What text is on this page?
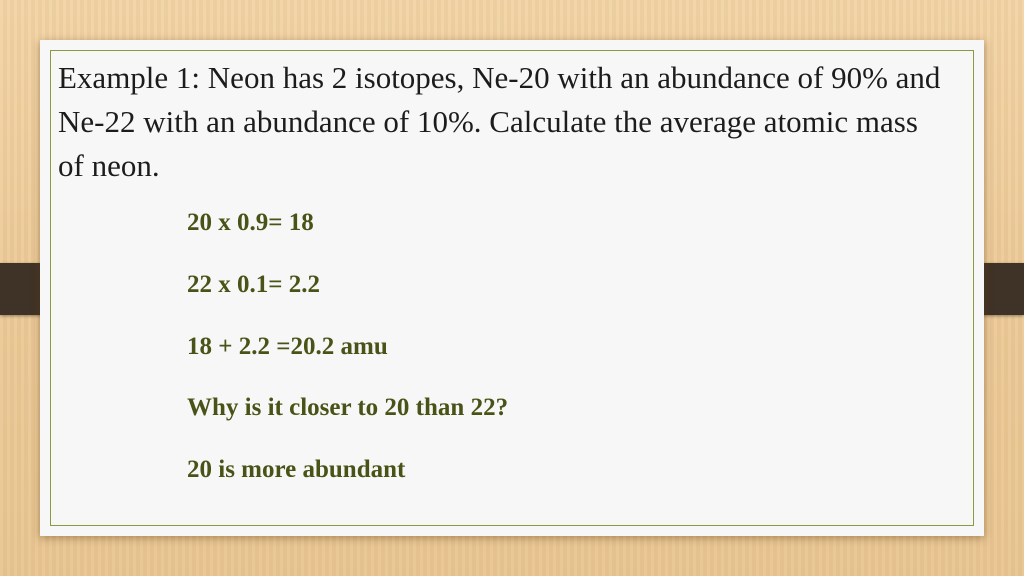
Example 1: Neon has 2 isotopes, Ne-20 with an abundance of 90% and Ne-22 with an abundance of 10%. Calculate the average atomic mass of neon.

20 x 0.9= 18

22 x 0.1= 2.2

18 + 2.2 =20.2 amu

Why is it closer to 20 than 22?

20 is more abundant
